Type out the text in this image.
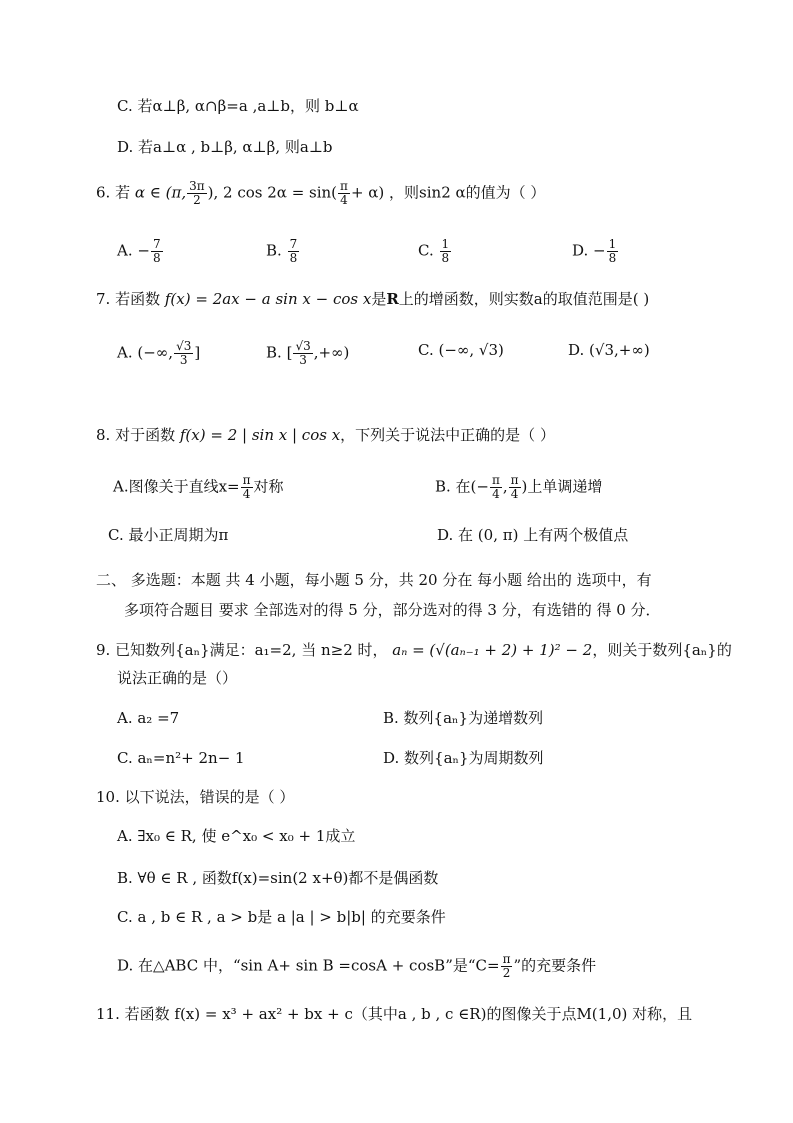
C. 若α⊥β, α∩β=a ,a⊥b，则 b⊥α
D. 若a⊥α , b⊥β, α⊥β, 则a⊥b
6. 若 α ∈ (π, $\frac{3\pi}{2}$ ), 2 $\cos 2\alpha = \sin( \frac{\pi}{4} + \alpha)$ ，则sin2 α的值为（ ）
A. − $\frac{7}{8}$	B. $\frac{7}{8}$	C. $\frac{1}{8}$	D. − $\frac{1}{8}$
7. 若函数 f(x) = 2ax − a sin x − cos x是R上的增函数，则实数a的取值范围是( )
A. (−∞, $\frac{√3}{3}$ ]	B. [ $\frac{√3}{3}$ ,+∞)	C. (−∞, √3)	D. (√3,+∞)
8. 对于函数 f(x) = 2 | sin x | cos x，下列关于说法中正确的是（ ）
A.图像关于直线$x= \frac{\pi}{4}$ 对称	B. 在(− $\frac{\pi}{4}$ , $\frac{\pi}{4}$ )上单调递增
C. 最小正周期为π	D. 在 (0, π) 上有两个极值点
二、 多选题：本题 共 4 小题，每小题 5 分，共 20 分在 每小题 给出的 选项中，有
多项符合题目 要求 全部选对的得 5 分，部分选对的得 3 分，有选错的 得 0 分．
9. 已知数列{aₙ}满足：a₁=2, 当 n≥2 时， aₙ = (√(aₙ₋₁ + 2) + 1)² − 2，则关于数列{aₙ}的
说法正确的是（）
A. a₂ =7	B. 数列{aₙ}为递增数列
C. aₙ=n²+ 2n− 1	D. 数列{aₙ}为周期数列
10. 以下说法，错误的是（ ）
A. ∃x₀ ∈ R, 使 e^x₀ < x₀ + 1成立
B. ∀θ ∈ R , 函数f(x)=sin(2 x+θ)都不是偶函数
C. a , b ∈ R , a > b是 a |a | > b|b| 的充要条件
D. 在△ABC 中，“sin A+ sin B =cosA + cosB”是“$C= \frac{\pi}{2}$ ”的充要条件
11. 若函数 f(x) = x³ + ax² + bx + c（其中a , b , c ∈R)的图像关于点M(1,0) 对称，且
